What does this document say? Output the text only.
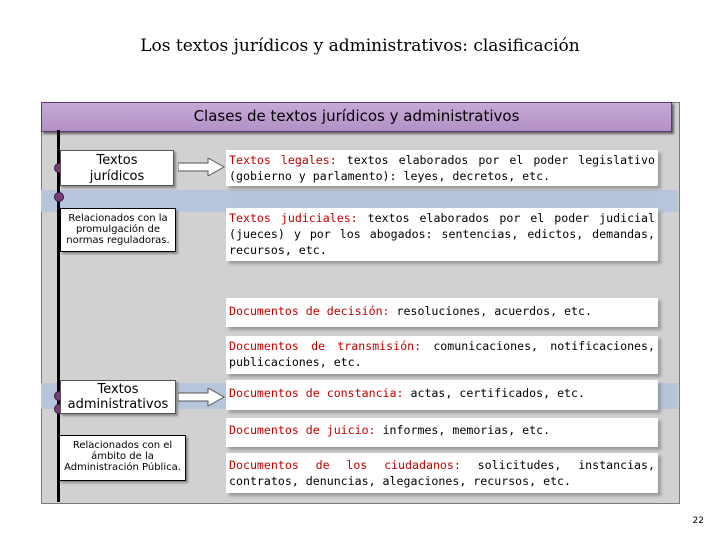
Los textos jurídicos y administrativos: clasificación
Clases de textos jurídicos y administrativos
Textos jurídicos
Relacionados con la promulgación de normas reguladoras.
Textos administrativos
Relacionados con el ámbito de la Administración Pública.
Textos legales: textos elaborados por el poder legislativo (gobierno y parlamento): leyes, decretos, etc.
Textos judiciales: textos elaborados por el poder judicial (jueces) y por los abogados: sentencias, edictos, demandas, recursos, etc.
Documentos de decisión: resoluciones, acuerdos, etc.
Documentos de transmisión: comunicaciones, notificaciones, publicaciones, etc.
Documentos de constancia: actas, certificados, etc.
Documentos de juicio: informes, memorias, etc.
Documentos de los ciudadanos: solicitudes, instancias, contratos, denuncias, alegaciones, recursos, etc.
22
